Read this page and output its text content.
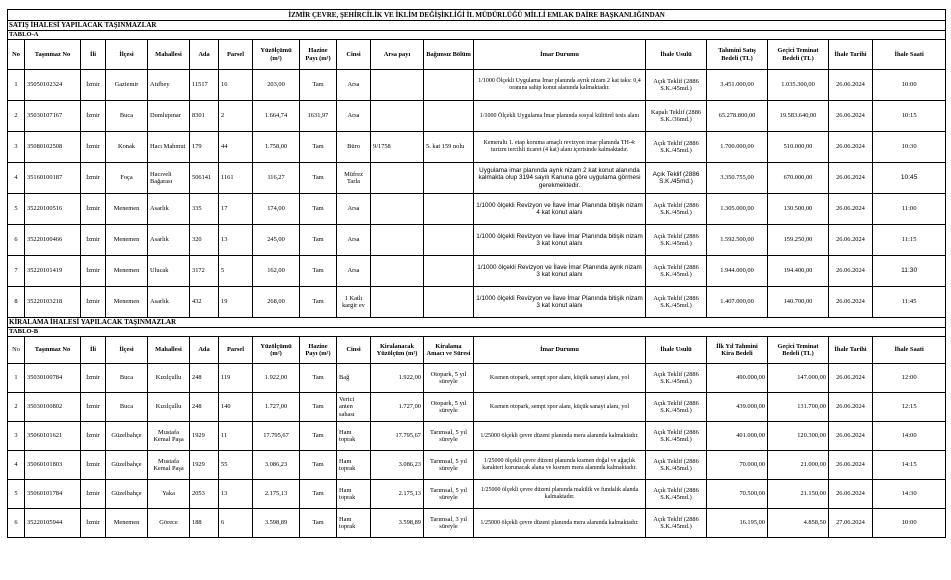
İZMİR ÇEVRE, ŞEHİRCİLİK VE İKLİM DEĞİŞİKLİĞİ İL MÜDÜRLÜĞÜ MİLLİ EMLAK DAİRE BAŞKANLIĞINDAN																	
SATIŞ İHALESİ YAPILACAK TAŞINMAZLAR																	
TABLO-A																	
No	Taşınmaz No	İli	İlçesi	Mahallesi	Ada	Parsel	Yüzölçümü (m²)	Hazine Payı (m²)	Cinsi	Arsa payı	Bağımsız Bölüm	İmar Durumu	İhale Usulü	Tahmini Satış Bedeli (TL)	Geçici Teminat Bedeli (TL)	İhale Tarihi	İhale Saati
1	35050102324	İzmir	Gaziemir	Atıfbey	11517	16	203,00	Tam	Arsa			1/1000 Ölçekli Uygulama İmar planında ayrık nizam 2 kat taks: 0,4 oranına sahip konut alanında kalmaktadır.	Açık Teklif (2886 S.K./45md.)	3.451.000,00	1.035.300,00	26.06.2024	10:00
2	35030107167	İzmir	Buca	Dumlupınar	8301	2	1.664,74	1631,97	Arsa			1/1000 Ölçekli Uygulama İmar planında sosyal kültürel tesis alanı	Kapalı Teklif (2886 S.K./36md.)	65.278.800,00	19.583.640,00	26.06.2024	10:15
3	35080102508	İzmir	Konak	Hacı Mahmut	179	44	1.758,00	Tam	Büro	9/1758	5. kat 159 nolu	Kemeraltı 1. etap koruma amaçlı revizyon imar planında TH-4: turizm tercihli ticaret (4 kat) alanı içerisinde kalmaktadır.	Açık Teklif (2886 S.K./45md.)	1.700.000,00	510.000,00	26.06.2024	10:30
4	35160100187	İzmir	Foça	Hacıveli Bağarası	506141	1161	116,27	Tam	Müfrez Tarla			Uygulama imar planında ayrık nizam 2 kat konut alanında kalmakta olup 3194 sayılı Kanuna göre uygulama görmesi gerekmektedir.	Açık Teklif (2886 S.K./45md.)	3.350.755,00	670.000,00	26.06.2024	10:45
5	35220100516	İzmir	Menemen	Asarlık	335	17	174,00	Tam	Arsa			1/1000 ölçekli Revizyon ve İlave İmar Planında bitişik nizam 4 kat konut alanı	Açık Teklif (2886 S.K./45md.)	1.305.000,00	130.500,00	26.06.2024	11:00
6	35220100466	İzmir	Menemen	Asarlık	320	13	245,00	Tam	Arsa			1/1000 ölçekli Revizyon ve İlave İmar Planında bitişik nizam 3 kat konut alanı	Açık Teklif (2886 S.K./45md.)	1.592.500,00	159.250,00	26.06.2024	11:15
7	35220101419	İzmir	Menemen	Ulucak	3172	5	162,00	Tam	Arsa			1/1000 ölçekli Revizyon ve İlave İmar Planında ayrık nizam 3 kat konut alanı	Açık Teklif (2886 S.K./45md.)	1.944.000,00	194.400,00	26.06.2024	11:30
8	35220103218	İzmir	Menemen	Asarlık	432	19	268,00	Tam	1 Katlı kargir ev			1/1000 ölçekli Revizyon ve İlave İmar Planında bitişik nizam 3 kat konut alanı	Açık Teklif (2886 S.K./45md.)	1.407.000,00	140.700,00	26.06.2024	11:45
KİRALAMA İHALESİ YAPILACAK TAŞINMAZLAR																	
TABLO-B																	
No	Taşınmaz No	İli	İlçesi	Mahallesi	Ada	Parsel	Yüzölçümü (m²)	Hazine Payı (m²)	Cinsi	Kiralanacak Yüzölçüm (m²)	Kiralama Amacı ve Süresi	İmar Durumu	İhale Usulü	İlk Yıl Tahmini Kira Bedeli	Geçici Teminat Bedeli (TL)	İhale Tarihi	İhale Saati
1	35030100784	İzmir	Buca	Kızılçullu	248	119	1.922,00	Tam	Bağ	1.922,00	Otopark, 5 yıl süreyle	Kısmen otopark, sempt spor alanı, küçük sanayi alanı, yol	Açık Teklif (2886 S.K./45md.)	490.000,00	147.000,00	26.06.2024	12:00
2	35030100802	İzmir	Buca	Kızılçullu	248	140	1.727,00	Tam	Verici anten sahası	1.727,00	Otopark, 5 yıl süreyle	Kısmen otopark, sempt spor alanı, küçük sanayi alanı, yol	Açık Teklif (2886 S.K./45md.)	439.000,00	131.700,00	26.06.2024	12:15
3	35060101621	İzmir	Güzelbahçe	Mustafa Kemal Paşa	1929	11	17.795,67	Tam	Ham toprak	17.795,67	Tarımsal, 5 yıl süreyle	1/25000 ölçekli çevre düzeni planında mera alanında kalmaktadır.	Açık Teklif (2886 S.K./45md.)	401.000,00	120.300,00	26.06.2024	14:00
4	35060101803	İzmir	Güzelbahçe	Mustafa Kemal Paşa	1929	55	3.086,23	Tam	Ham toprak	3.086,23	Tarımsal, 5 yıl süreyle	1/25000 ölçekli çevre düzeni planında kısmen doğal ve ağaçlık karakteri korunacak alana ve kısmen mera alanında kalmaktadır.	Açık Teklif (2886 S.K./45md.)	70.000,00	21.000,00	26.06.2024	14:15
5	35060101784	İzmir	Güzelbahçe	Yaka	2053	13	2.175,13	Tam	Ham toprak	2.175,13	Tarımsal, 5 yıl süreyle	1/25000 ölçekli çevre düzeni planında makilik ve fundalık alanda kalmaktadır.	Açık Teklif (2886 S.K./45md.)	70.500,00	21.150,00	26.06.2024	14:30
6	35220105944	İzmir	Menemen	Görece	188	6	3.598,89	Tam	Ham toprak	3.598,89	Tarımsal, 3 yıl süreyle	1/25000 ölçekli çevre düzeni planında mera alanında kalmaktadır.	Açık Teklif (2886 S.K./45md.)	16.195,00	4.858,50	27.06.2024	10:00
